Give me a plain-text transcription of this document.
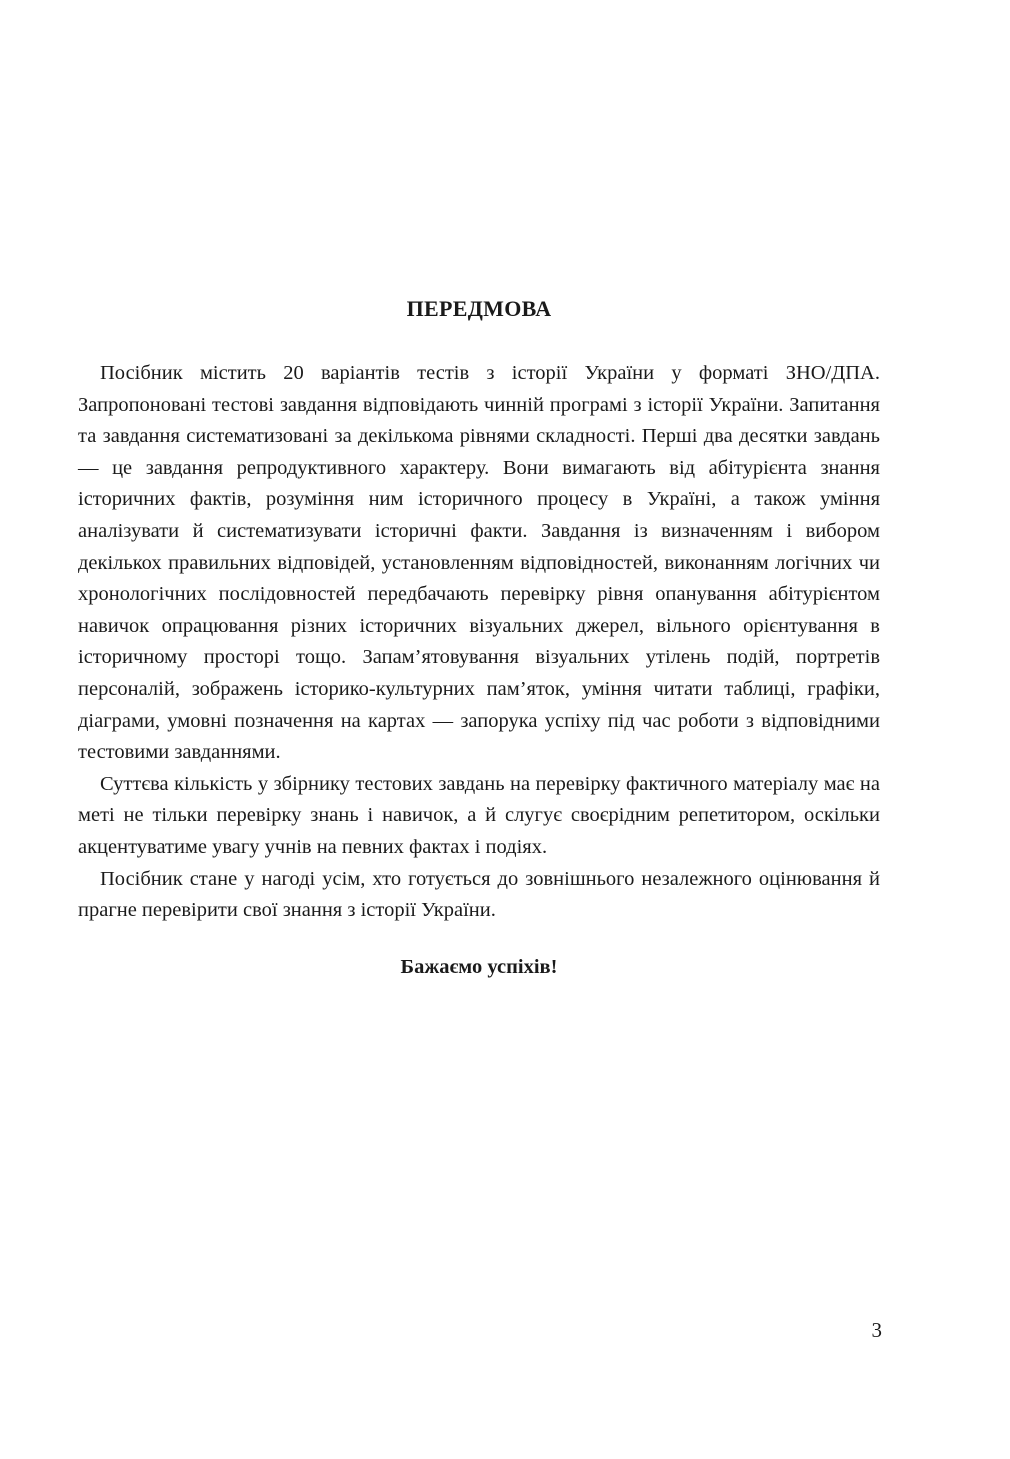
ПЕРЕДМОВА

Посібник містить 20 варіантів тестів з історії України у форматі ЗНО/ДПА. Запропоновані тестові завдання відповідають чинній програмі з історії України. Запитання та завдання систематизовані за декількома рівнями складності. Перші два десятки завдань — це завдання репродуктивного характеру. Вони вимагають від абітурієнта знання історичних фактів, розуміння ним історичного процесу в Україні, а також уміння аналізувати й систематизувати історичні факти. Завдання із визначенням і вибором декількох правильних відповідей, установленням відповідностей, виконанням логічних чи хронологічних послідовностей передбачають перевірку рівня опанування абітурієнтом навичок опрацювання різних історичних візуальних джерел, вільного орієнтування в історичному просторі тощо. Запам’ятовування візуальних утілень подій, портретів персоналій, зображень історико-культурних пам’яток, уміння читати таблиці, графіки, діаграми, умовні позначення на картах — запорука успіху під час роботи з відповідними тестовими завданнями.

Суттєва кількість у збірнику тестових завдань на перевірку фактичного матеріалу має на меті не тільки перевірку знань і навичок, а й слугує своєрідним репетитором, оскільки акцентуватиме увагу учнів на певних фактах і подіях.

Посібник стане у нагоді усім, хто готується до зовнішнього незалежного оцінювання й прагне перевірити свої знання з історії України.

Бажаємо успіхів!

3
